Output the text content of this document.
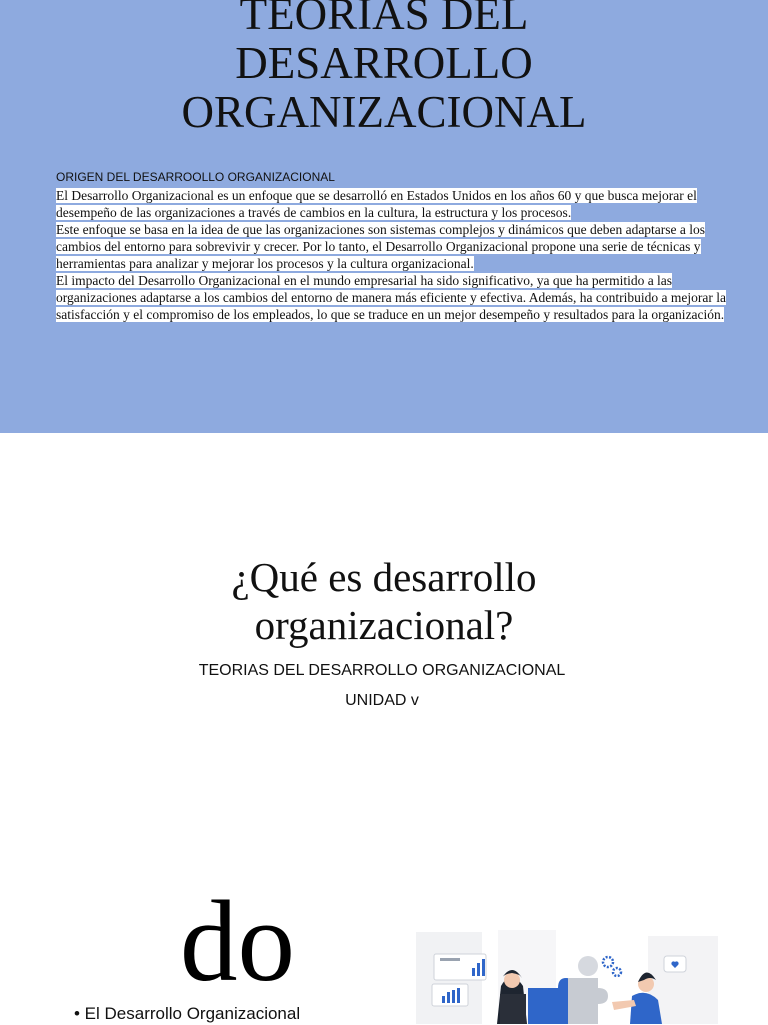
TEORIAS DEL
DESARROLLO
ORGANIZACIONAL
ORIGEN DEL DESARROOLLO ORGANIZACIONAL

El Desarrollo Organizacional es un enfoque que se desarrolló en Estados Unidos en los años 60 y que busca mejorar el desempeño de las organizaciones a través de cambios en la cultura, la estructura y los procesos.

Este enfoque se basa en la idea de que las organizaciones son sistemas complejos y dinámicos que deben adaptarse a los cambios del entorno para sobrevivir y crecer. Por lo tanto, el Desarrollo Organizacional propone una serie de técnicas y herramientas para analizar y mejorar los procesos y la cultura organizacional.

El impacto del Desarrollo Organizacional en el mundo empresarial ha sido significativo, ya que ha permitido a las organizaciones adaptarse a los cambios del entorno de manera más eficiente y efectiva. Además, ha contribuido a mejorar la satisfacción y el compromiso de los empleados, lo que se traduce en un mejor desempeño y resultados para la organización.

¿Qué es desarrollo
organizacional?
TEORIAS DEL DESARROLLO ORGANIZACIONAL
UNIDAD v
do
• El Desarrollo Organizacional
